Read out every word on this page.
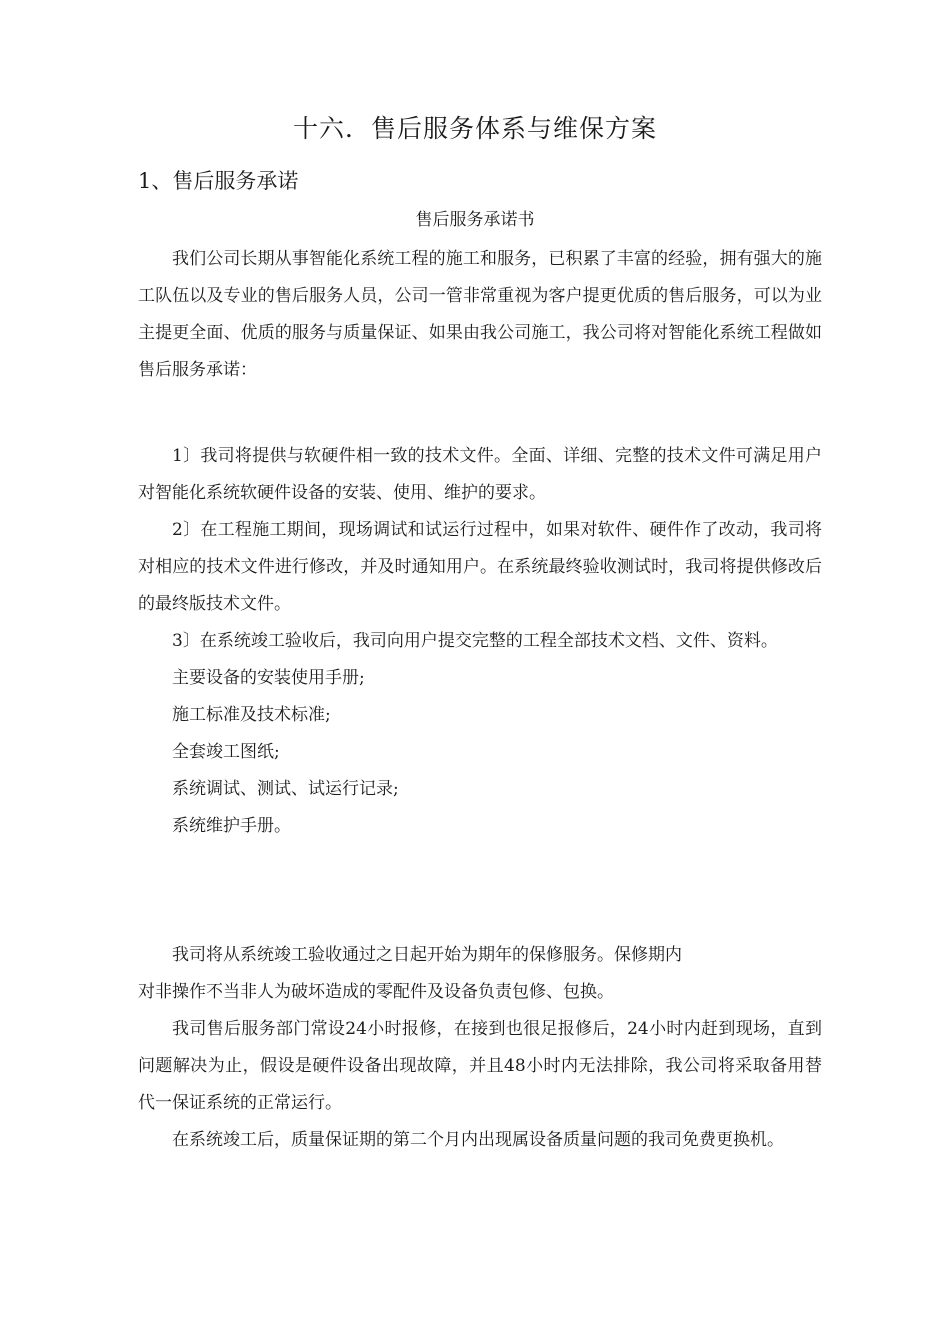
十六．售后服务体系与维保方案
1、售后服务承诺
售后服务承诺书

我们公司长期从事智能化系统工程的施工和服务，已积累了丰富的经验，拥有强大的施工队伍以及专业的售后服务人员，公司一管非常重视为客户提更优质的售后服务，可以为业主提更全面、优质的服务与质量保证、如果由我公司施工，我公司将对智能化系统工程做如售后服务承诺：

1〕我司将提供与软硬件相一致的技术文件。全面、详细、完整的技术文件可满足用户对智能化系统软硬件设备的安装、使用、维护的要求。

2〕在工程施工期间，现场调试和试运行过程中，如果对软件、硬件作了改动，我司将对相应的技术文件进行修改，并及时通知用户。在系统最终验收测试时，我司将提供修改后的最终版技术文件。

3〕在系统竣工验收后，我司向用户提交完整的工程全部技术文档、文件、资料。

主要设备的安装使用手册;

施工标准及技术标准;

全套竣工图纸;

系统调试、测试、试运行记录;

系统维护手册。

我司将从系统竣工验收通过之日起开始为期年的保修服务。保修期内
对非操作不当非人为破坏造成的零配件及设备负责包修、包换。

我司售后服务部门常设24小时报修，在接到也很足报修后，24小时内赶到现场，直到问题解决为止，假设是硬件设备出现故障，并且48小时内无法排除，我公司将采取备用替代一保证系统的正常运行。

在系统竣工后，质量保证期的第二个月内出现属设备质量问题的我司免费更换机。
